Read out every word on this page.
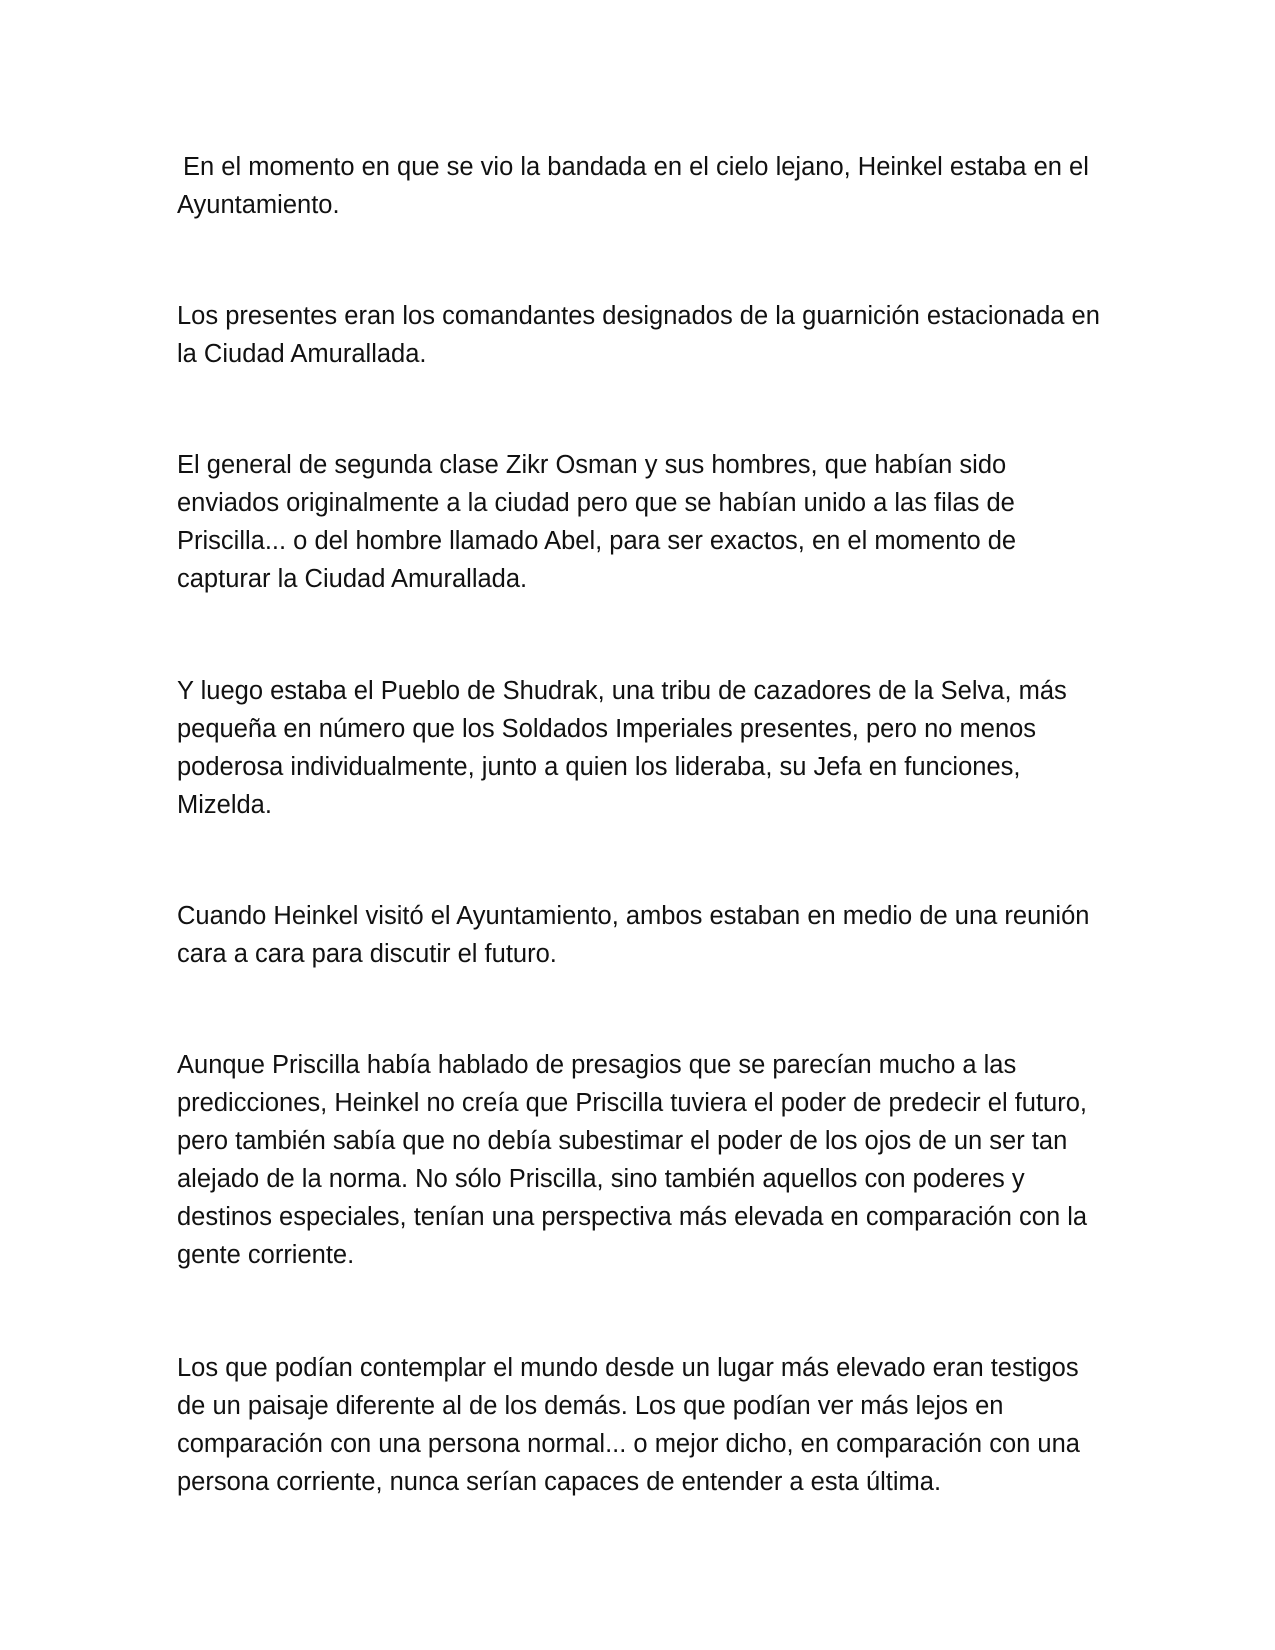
En el momento en que se vio la bandada en el cielo lejano, Heinkel estaba en el Ayuntamiento.

Los presentes eran los comandantes designados de la guarnición estacionada en la Ciudad Amurallada.

El general de segunda clase Zikr Osman y sus hombres, que habían sido enviados originalmente a la ciudad pero que se habían unido a las filas de Priscilla... o del hombre llamado Abel, para ser exactos, en el momento de capturar la Ciudad Amurallada.

Y luego estaba el Pueblo de Shudrak, una tribu de cazadores de la Selva, más pequeña en número que los Soldados Imperiales presentes, pero no menos poderosa individualmente, junto a quien los lideraba, su Jefa en funciones, Mizelda.

Cuando Heinkel visitó el Ayuntamiento, ambos estaban en medio de una reunión cara a cara para discutir el futuro.

Aunque Priscilla había hablado de presagios que se parecían mucho a las predicciones, Heinkel no creía que Priscilla tuviera el poder de predecir el futuro, pero también sabía que no debía subestimar el poder de los ojos de un ser tan alejado de la norma. No sólo Priscilla, sino también aquellos con poderes y destinos especiales, tenían una perspectiva más elevada en comparación con la gente corriente.

Los que podían contemplar el mundo desde un lugar más elevado eran testigos de un paisaje diferente al de los demás. Los que podían ver más lejos en comparación con una persona normal... o mejor dicho, en comparación con una persona corriente, nunca serían capaces de entender a esta última.
